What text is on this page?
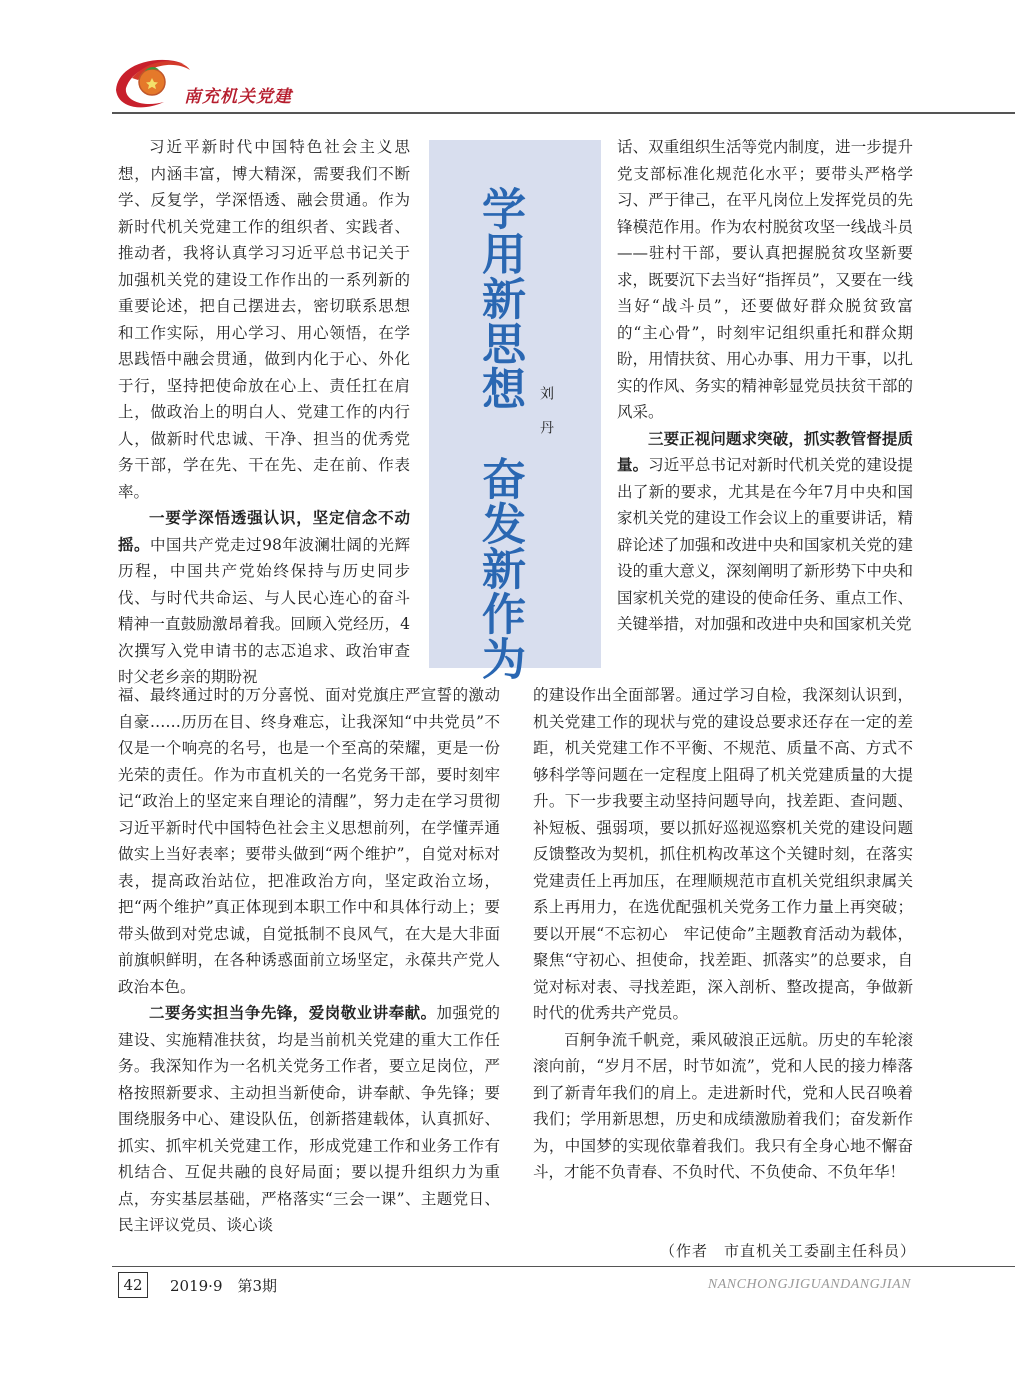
南充机关党建
学用新思想　奋发新作为 刘丹

习近平新时代中国特色社会主义思想，内涵丰富，博大精深，需要我们不断学、反复学，学深悟透、融会贯通。作为新时代机关党建工作的组织者、实践者、推动者，我将认真学习习近平总书记关于加强机关党的建设工作作出的一系列新的重要论述，把自己摆进去，密切联系思想和工作实际，用心学习、用心领悟，在学思践悟中融会贯通，做到内化于心、外化于行，坚持把使命放在心上、责任扛在肩上，做政治上的明白人、党建工作的内行人，做新时代忠诚、干净、担当的优秀党务干部，学在先、干在先、走在前、作表率。

一要学深悟透强认识，坚定信念不动摇。中国共产党走过98年波澜壮阔的光辉历程，中国共产党始终保持与历史同步伐、与时代共命运、与人民心连心的奋斗精神一直鼓励激昂着我。回顾入党经历，4次撰写入党申请书的志忑追求、政治审查时父老乡亲的期盼祝

福、最终通过时的万分喜悦、面对党旗庄严宣誓的激动自豪……历历在目、终身难忘，让我深知“中共党员”不仅是一个响亮的名号，也是一个至高的荣耀，更是一份光荣的责任。作为市直机关的一名党务干部，要时刻牢记“政治上的坚定来自理论的清醒”，努力走在学习贯彻习近平新时代中国特色社会主义思想前列，在学懂弄通做实上当好表率；要带头做到“两个维护”，自觉对标对表，提高政治站位，把准政治方向，坚定政治立场，把“两个维护”真正体现到本职工作中和具体行动上；要带头做到对党忠诚，自觉抵制不良风气，在大是大非面前旗帜鲜明，在各种诱惑面前立场坚定，永葆共产党人政治本色。

二要务实担当争先锋，爱岗敬业讲奉献。加强党的建设、实施精准扶贫，均是当前机关党建的重大工作任务。我深知作为一名机关党务工作者，要立足岗位，严格按照新要求、主动担当新使命，讲奉献、争先锋；要围绕服务中心、建设队伍，创新搭建载体，认真抓好、抓实、抓牢机关党建工作，形成党建工作和业务工作有机结合、互促共融的良好局面；要以提升组织力为重点，夯实基层基础，严格落实“三会一课”、主题党日、民主评议党员、谈心谈

话、双重组织生活等党内制度，进一步提升党支部标准化规范化水平；要带头严格学习、严于律己，在平凡岗位上发挥党员的先锋模范作用。作为农村脱贫攻坚一线战斗员——驻村干部，要认真把握脱贫攻坚新要求，既要沉下去当好“指挥员”，又要在一线当好“战斗员”，还要做好群众脱贫致富的“主心骨”，时刻牢记组织重托和群众期盼，用情扶贫、用心办事、用力干事，以扎实的作风、务实的精神彰显党员扶贫干部的风采。

三要正视问题求突破，抓实教管督提质量。习近平总书记对新时代机关党的建设提出了新的要求，尤其是在今年7月中央和国家机关党的建设工作会议上的重要讲话，精辟论述了加强和改进中央和国家机关党的建设的重大意义，深刻阐明了新形势下中央和国家机关党的建设的使命任务、重点工作、关键举措，对加强和改进中央和国家机关党

的建设作出全面部署。通过学习自检，我深刻认识到，机关党建工作的现状与党的建设总要求还存在一定的差距，机关党建工作不平衡、不规范、质量不高、方式不够科学等问题在一定程度上阻碍了机关党建质量的大提升。下一步我要主动坚持问题导向，找差距、查问题、补短板、强弱项，要以抓好巡视巡察机关党的建设问题反馈整改为契机，抓住机构改革这个关键时刻，在落实党建责任上再加压，在理顺规范市直机关党组织隶属关系上再用力，在选优配强机关党务工作力量上再突破；要以开展“不忘初心　牢记使命”主题教育活动为载体，聚焦“守初心、担使命，找差距、抓落实”的总要求，自觉对标对表、寻找差距，深入剖析、整改提高，争做新时代的优秀共产党员。

百舸争流千帆竞，乘风破浪正远航。历史的车轮滚滚向前，“岁月不居，时节如流”，党和人民的接力棒落到了新青年我们的肩上。走进新时代，党和人民召唤着我们；学用新思想，历史和成绩激励着我们；奋发新作为，中国梦的实现依靠着我们。我只有全身心地不懈奋斗，才能不负青春、不负时代、不负使命、不负年华！

（作者　市直机关工委副主任科员）
42	2019·9　第3期	NANCHONGJIGUANDANGJIAN
